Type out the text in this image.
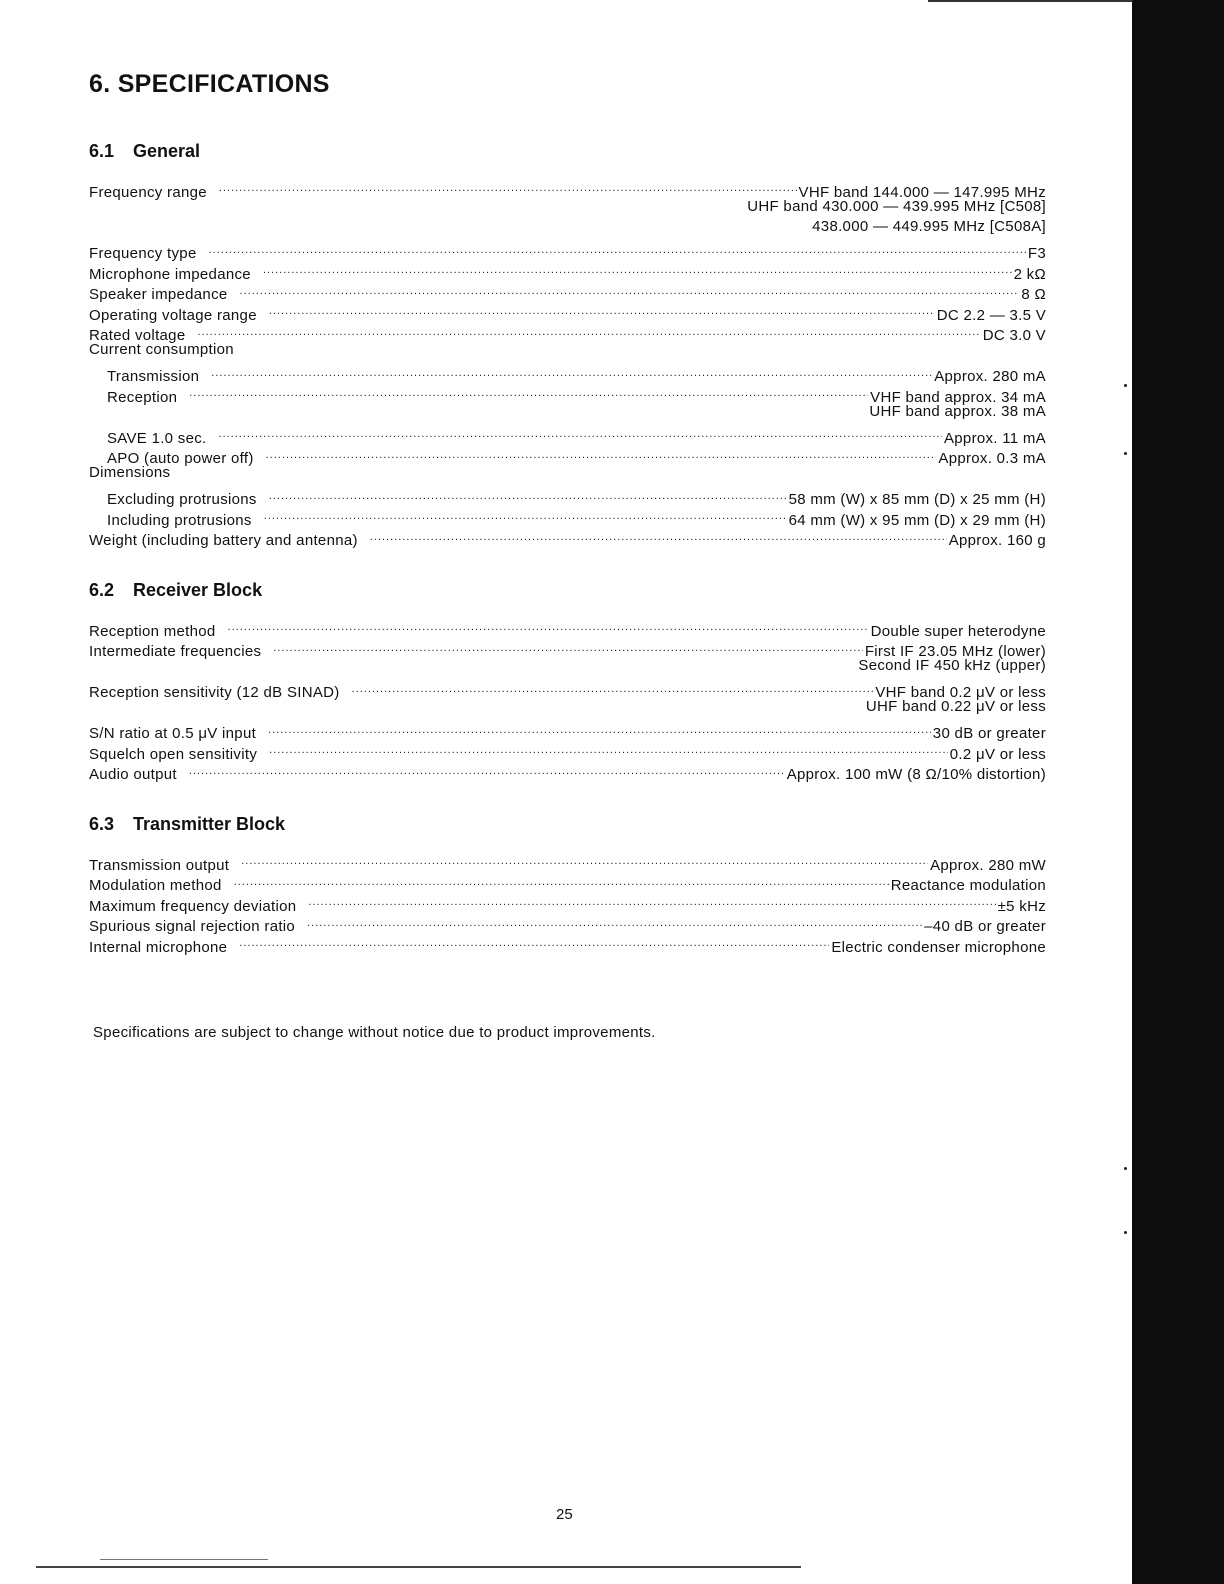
6. SPECIFICATIONS
6.1 General
Frequency range .....	VHF band 144.000 — 147.995 MHz
UHF band 430.000 — 439.995 MHz [C508]
438.000 — 449.995 MHz [C508A]
Frequency type .....	F3
Microphone impedance .....	2 kΩ
Speaker impedance .....	8 Ω
Operating voltage range .....	DC 2.2 — 3.5 V
Rated voltage .....	DC 3.0 V
Current consumption
Transmission .....	Approx. 280 mA
Reception .....	VHF band approx. 34 mA
UHF band approx. 38 mA
SAVE 1.0 sec. .....	Approx. 11 mA
APO (auto power off) .....	Approx. 0.3 mA
Dimensions
Excluding protrusions .....	58 mm (W) x 85 mm (D) x 25 mm (H)
Including protrusions .....	64 mm (W) x 95 mm (D) x 29 mm (H)
Weight (including battery and antenna) .....	Approx. 160 g
6.2 Receiver Block
Reception method .....	Double super heterodyne
Intermediate frequencies .....	First IF 23.05 MHz (lower)
Second IF 450 kHz (upper)
Reception sensitivity (12 dB SINAD) .....	VHF band 0.2 μV or less
UHF band 0.22 μV or less
S/N ratio at 0.5 μV input .....	30 dB or greater
Squelch open sensitivity .....	0.2 μV or less
Audio output .....	Approx. 100 mW (8 Ω/10% distortion)
6.3 Transmitter Block
Transmission output .....	Approx. 280 mW
Modulation method .....	Reactance modulation
Maximum frequency deviation .....	±5 kHz
Spurious signal rejection ratio .....	–40 dB or greater
Internal microphone .....	Electric condenser microphone

Specifications are subject to change without notice due to product improvements.

25
